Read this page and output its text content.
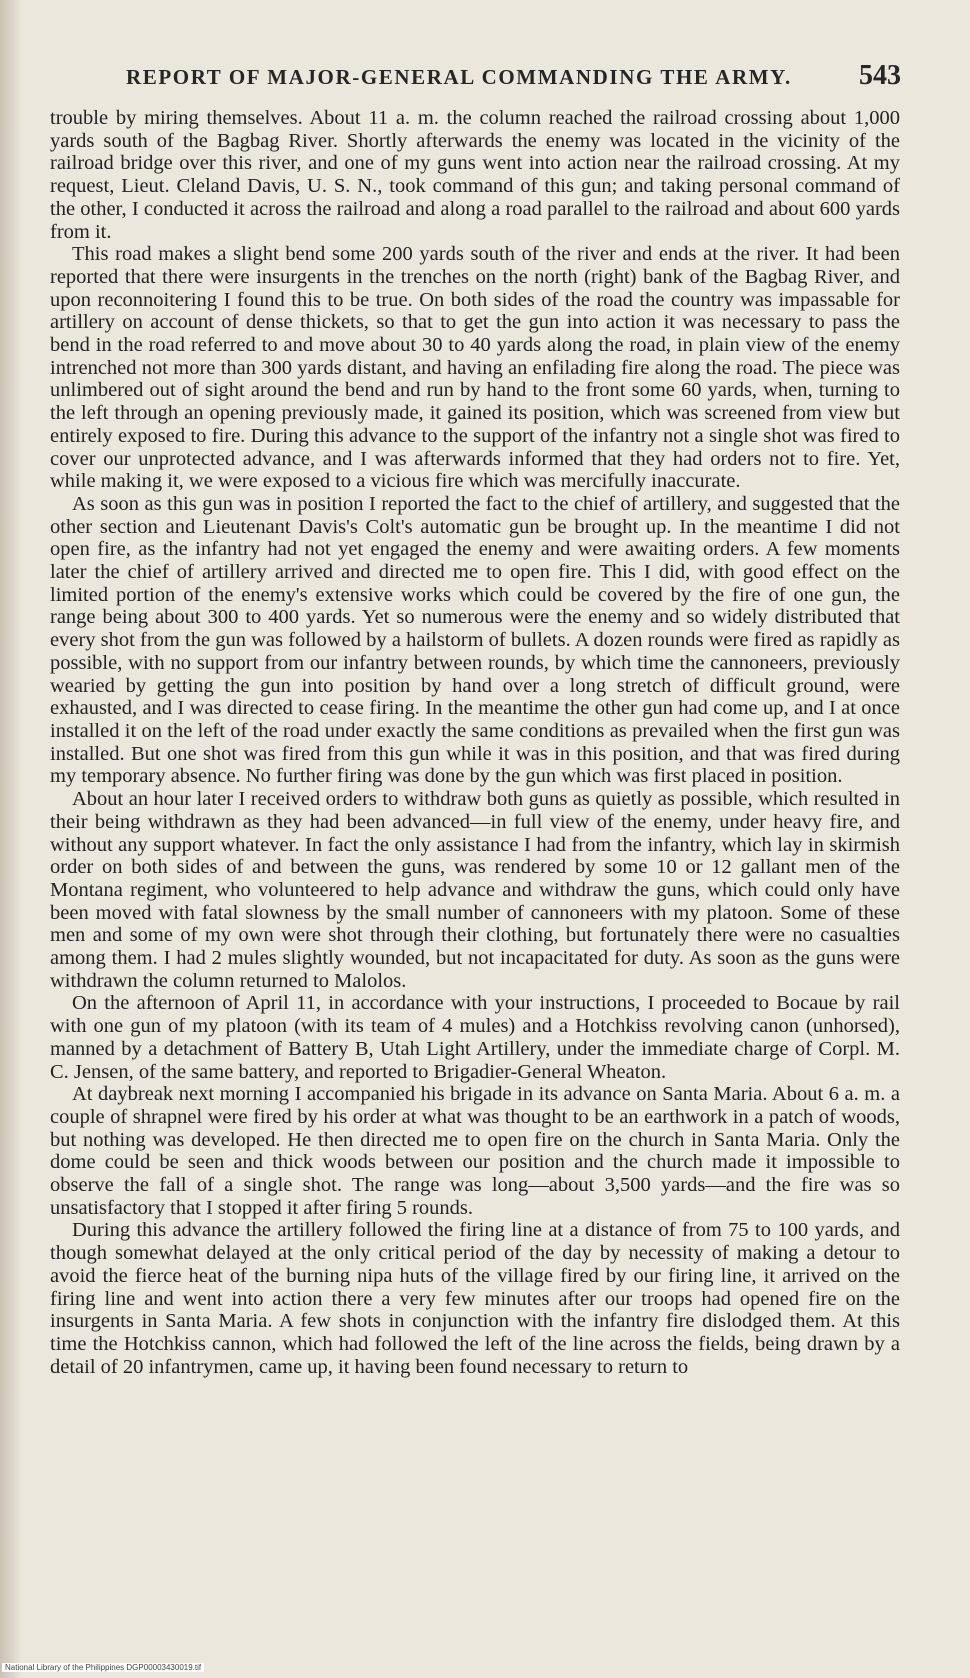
REPORT OF MAJOR-GENERAL COMMANDING THE ARMY. 543

trouble by miring themselves. About 11 a. m. the column reached the railroad crossing about 1,000 yards south of the Bagbag River. Shortly afterwards the enemy was located in the vicinity of the railroad bridge over this river, and one of my guns went into action near the railroad crossing. At my request, Lieut. Cleland Davis, U. S. N., took command of this gun; and taking personal command of the other, I conducted it across the railroad and along a road parallel to the railroad and about 600 yards from it.

This road makes a slight bend some 200 yards south of the river and ends at the river. It had been reported that there were insurgents in the trenches on the north (right) bank of the Bagbag River, and upon reconnoitering I found this to be true. On both sides of the road the country was impassable for artillery on account of dense thickets, so that to get the gun into action it was necessary to pass the bend in the road referred to and move about 30 to 40 yards along the road, in plain view of the enemy intrenched not more than 300 yards distant, and having an enfilading fire along the road. The piece was unlimbered out of sight around the bend and run by hand to the front some 60 yards, when, turning to the left through an opening previously made, it gained its position, which was screened from view but entirely exposed to fire. During this advance to the support of the infantry not a single shot was fired to cover our unprotected advance, and I was afterwards informed that they had orders not to fire. Yet, while making it, we were exposed to a vicious fire which was mercifully inaccurate.

As soon as this gun was in position I reported the fact to the chief of artillery, and suggested that the other section and Lieutenant Davis's Colt's automatic gun be brought up. In the meantime I did not open fire, as the infantry had not yet engaged the enemy and were awaiting orders. A few moments later the chief of artillery arrived and directed me to open fire. This I did, with good effect on the limited portion of the enemy's extensive works which could be covered by the fire of one gun, the range being about 300 to 400 yards. Yet so numerous were the enemy and so widely distributed that every shot from the gun was followed by a hailstorm of bullets. A dozen rounds were fired as rapidly as possible, with no support from our infantry between rounds, by which time the cannoneers, previously wearied by getting the gun into position by hand over a long stretch of difficult ground, were exhausted, and I was directed to cease firing. In the meantime the other gun had come up, and I at once installed it on the left of the road under exactly the same conditions as prevailed when the first gun was installed. But one shot was fired from this gun while it was in this position, and that was fired during my temporary absence. No further firing was done by the gun which was first placed in position.

About an hour later I received orders to withdraw both guns as quietly as possible, which resulted in their being withdrawn as they had been advanced—in full view of the enemy, under heavy fire, and without any support whatever. In fact the only assistance I had from the infantry, which lay in skirmish order on both sides of and between the guns, was rendered by some 10 or 12 gallant men of the Montana regiment, who volunteered to help advance and withdraw the guns, which could only have been moved with fatal slowness by the small number of cannoneers with my platoon. Some of these men and some of my own were shot through their clothing, but fortunately there were no casualties among them. I had 2 mules slightly wounded, but not incapacitated for duty. As soon as the guns were withdrawn the column returned to Malolos.

On the afternoon of April 11, in accordance with your instructions, I proceeded to Bocaue by rail with one gun of my platoon (with its team of 4 mules) and a Hotchkiss revolving canon (unhorsed), manned by a detachment of Battery B, Utah Light Artillery, under the immediate charge of Corpl. M. C. Jensen, of the same battery, and reported to Brigadier-General Wheaton.

At daybreak next morning I accompanied his brigade in its advance on Santa Maria. About 6 a. m. a couple of shrapnel were fired by his order at what was thought to be an earthwork in a patch of woods, but nothing was developed. He then directed me to open fire on the church in Santa Maria. Only the dome could be seen and thick woods between our position and the church made it impossible to observe the fall of a single shot. The range was long—about 3,500 yards—and the fire was so unsatisfactory that I stopped it after firing 5 rounds.

During this advance the artillery followed the firing line at a distance of from 75 to 100 yards, and though somewhat delayed at the only critical period of the day by necessity of making a detour to avoid the fierce heat of the burning nipa huts of the village fired by our firing line, it arrived on the firing line and went into action there a very few minutes after our troops had opened fire on the insurgents in Santa Maria. A few shots in conjunction with the infantry fire dislodged them. At this time the Hotchkiss cannon, which had followed the left of the line across the fields, being drawn by a detail of 20 infantrymen, came up, it having been found necessary to return to

National Library of the Philippines DGP00003430019.tif
